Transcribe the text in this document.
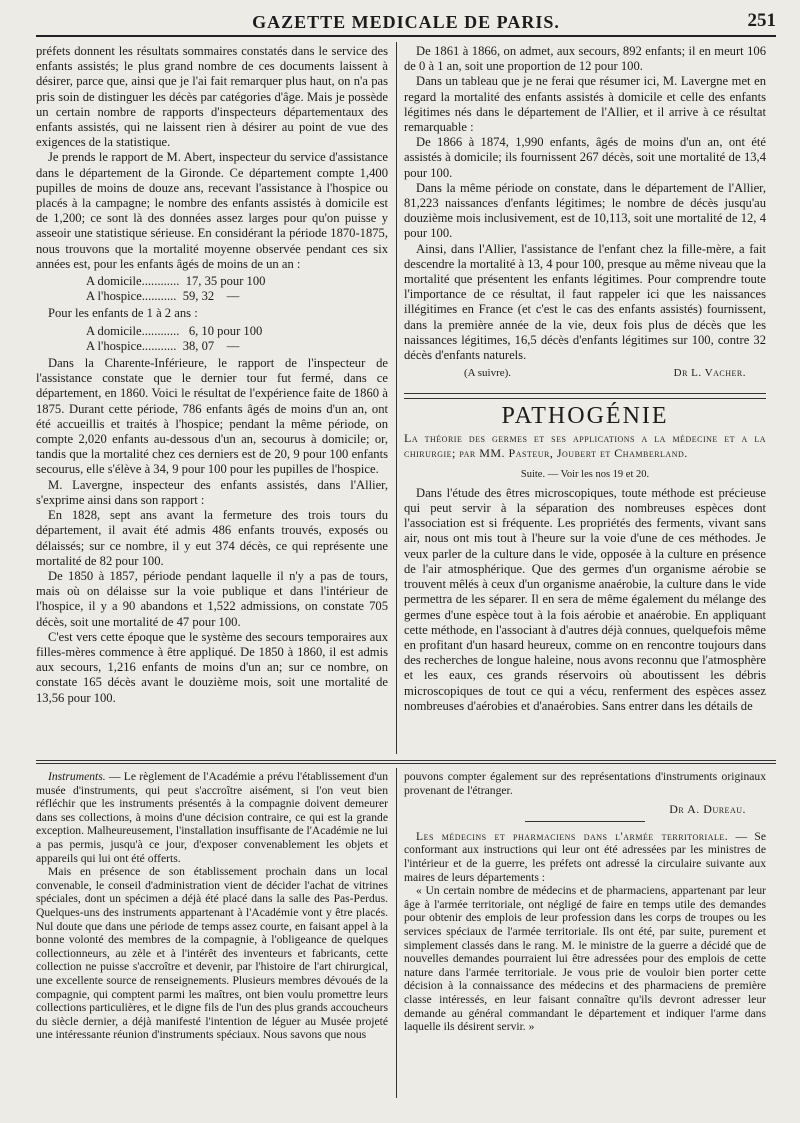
GAZETTE MEDICALE DE PARIS.	251

préfets donnent les résultats sommaires constatés dans le service des enfants assistés; le plus grand nombre de ces documents laissent à désirer, parce que, ainsi que je l'ai fait remarquer plus haut, on n'a pas pris soin de distinguer les décès par catégories d'âge. Mais je possède un certain nombre de rapports d'inspecteurs départementaux des enfants assistés, qui ne laissent rien à désirer au point de vue des exigences de la statistique.

Je prends le rapport de M. Abert, inspecteur du service d'assistance dans le département de la Gironde. Ce département compte 1,400 pupilles de moins de douze ans, recevant l'assistance à l'hospice ou placés à la campagne; le nombre des enfants assistés à domicile est de 1,200; ce sont là des données assez larges pour qu'on puisse y asseoir une statistique sérieuse. En considérant la période 1870-1875, nous trouvons que la mortalité moyenne observée pendant ces six années est, pour les enfants âgés de moins de un an :

A domicile............  17, 35 pour 100
A l'hospice...........  59, 32    —

Pour les enfants de 1 à 2 ans :

A domicile............   6, 10 pour 100
A l'hospice...........  38, 07    —

Dans la Charente-Inférieure, le rapport de l'inspecteur de l'assistance constate que le dernier tour fut fermé, dans ce département, en 1860. Voici le résultat de l'expérience faite de 1860 à 1875. Durant cette période, 786 enfants âgés de moins d'un an, ont été accueillis et traités à l'hospice; pendant la même période, on compte 2,020 enfants au-dessous d'un an, secourus à domicile; or, tandis que la mortalité chez ces derniers est de 20, 9 pour 100 enfants secourus, elle s'élève à 34, 9 pour 100 pour les pupilles de l'hospice.

M. Lavergne, inspecteur des enfants assistés, dans l'Allier, s'exprime ainsi dans son rapport :

En 1828, sept ans avant la fermeture des trois tours du département, il avait été admis 486 enfants trouvés, exposés ou délaissés; sur ce nombre, il y eut 374 décès, ce qui représente une mortalité de 82 pour 100.

De 1850 à 1857, période pendant laquelle il n'y a pas de tours, mais où on délaisse sur la voie publique et dans l'intérieur de l'hospice, il y a 90 abandons et 1,522 admissions, on constate 705 décès, soit une mortalité de 47 pour 100.

C'est vers cette époque que le système des secours temporaires aux filles-mères commence à être appliqué. De 1850 à 1860, il est admis aux secours, 1,216 enfants de moins d'un an; sur ce nombre, on constate 165 décès avant le douzième mois, soit une mortalité de 13,56 pour 100.

De 1861 à 1866, on admet, aux secours, 892 enfants; il en meurt 106 de 0 à 1 an, soit une proportion de 12 pour 100.

Dans un tableau que je ne ferai que résumer ici, M. Lavergne met en regard la mortalité des enfants assistés à domicile et celle des enfants légitimes nés dans le département de l'Allier, et il arrive à ce résultat remarquable :

De 1866 à 1874, 1,990 enfants, âgés de moins d'un an, ont été assistés à domicile; ils fournissent 267 décès, soit une mortalité de 13,4 pour 100.

Dans la même période on constate, dans le département de l'Allier, 81,223 naissances d'enfants légitimes; le nombre de décès jusqu'au douzième mois inclusivement, est de 10,113, soit une mortalité de 12, 4 pour 100.

Ainsi, dans l'Allier, l'assistance de l'enfant chez la fille-mère, a fait descendre la mortalité à 13, 4 pour 100, presque au même niveau que la mortalité que présentent les enfants légitimes. Pour comprendre toute l'importance de ce résultat, il faut rappeler ici que les naissances illégitimes en France (et c'est le cas des enfants assistés) fournissent, dans la première année de la vie, deux fois plus de décès que les naissances légitimes, 16,5 décès d'enfants légitimes sur 100, contre 32 décès d'enfants naturels.

(A suivre).	Dr L. Vacher.
PATHOGÉNIE

La théorie des germes et ses applications a la médecine et a la chirurgie; par MM. Pasteur, Joubert et Chamberland.

Suite. — Voir les nos 19 et 20.

Dans l'étude des êtres microscopiques, toute méthode est précieuse qui peut servir à la séparation des nombreuses espèces dont l'association est si fréquente. Les propriétés des ferments, vivant sans air, nous ont mis tout à l'heure sur la voie d'une de ces méthodes. Je veux parler de la culture dans le vide, opposée à la culture en présence de l'air atmosphérique. Que des germes d'un organisme aérobie se trouvent mêlés à ceux d'un organisme anaérobie, la culture dans le vide permettra de les séparer. Il en sera de même également du mélange des germes d'une espèce tout à la fois aérobie et anaérobie. En appliquant cette méthode, en l'associant à d'autres déjà connues, quelquefois même en profitant d'un hasard heureux, comme on en rencontre toujours dans des recherches de longue haleine, nous avons reconnu que l'atmosphère et les eaux, ces grands réservoirs où aboutissent les débris microscopiques de tout ce qui a vécu, renferment des espèces assez nombreuses d'aérobies et d'anaérobies. Sans entrer dans les détails de

Instruments. — Le règlement de l'Académie a prévu l'établissement d'un musée d'instruments, qui peut s'accroître aisément, si l'on veut bien réfléchir que les instruments présentés à la compagnie doivent demeurer dans ses collections, à moins d'une décision contraire, ce qui est la grande exception. Malheureusement, l'installation insuffisante de l'Académie ne lui a pas permis, jusqu'à ce jour, d'exposer convenablement les objets et appareils qui lui ont été offerts.

Mais en présence de son établissement prochain dans un local convenable, le conseil d'administration vient de décider l'achat de vitrines spéciales, dont un spécimen a déjà été placé dans la salle des Pas-Perdus. Quelques-uns des instruments appartenant à l'Académie vont y être placés. Nul doute que dans une période de temps assez courte, en faisant appel à la bonne volonté des membres de la compagnie, à l'obligeance de quelques collectionneurs, au zèle et à l'intérêt des inventeurs et fabricants, cette collection ne puisse s'accroître et devenir, par l'histoire de l'art chirurgical, une excellente source de renseignements. Plusieurs membres dévoués de la compagnie, qui comptent parmi les maîtres, ont bien voulu promettre leurs collections particulières, et le digne fils de l'un des plus grands accoucheurs du siècle dernier, a déjà manifesté l'intention de léguer au Musée projeté une intéressante réunion d'instruments spéciaux. Nous savons que nous

pouvons compter également sur des représentations d'instruments originaux provenant de l'étranger.

Dr A. Dureau.

Les médecins et pharmaciens dans l'armée territoriale. — Se conformant aux instructions qui leur ont été adressées par les ministres de l'intérieur et de la guerre, les préfets ont adressé la circulaire suivante aux maires de leurs départements :

« Un certain nombre de médecins et de pharmaciens, appartenant par leur âge à l'armée territoriale, ont négligé de faire en temps utile des demandes pour obtenir des emplois de leur profession dans les corps de troupes ou les services spéciaux de l'armée territoriale. Ils ont été, par suite, purement et simplement classés dans le rang. M. le ministre de la guerre a décidé que de nouvelles demandes pourraient lui être adressées pour des emplois de cette nature dans l'armée territoriale. Je vous prie de vouloir bien porter cette décision à la connaissance des médecins et des pharmaciens de première classe intéressés, en leur faisant connaître qu'ils devront adresser leur demande au général commandant le département et indiquer l'arme dans laquelle ils désirent servir. »
